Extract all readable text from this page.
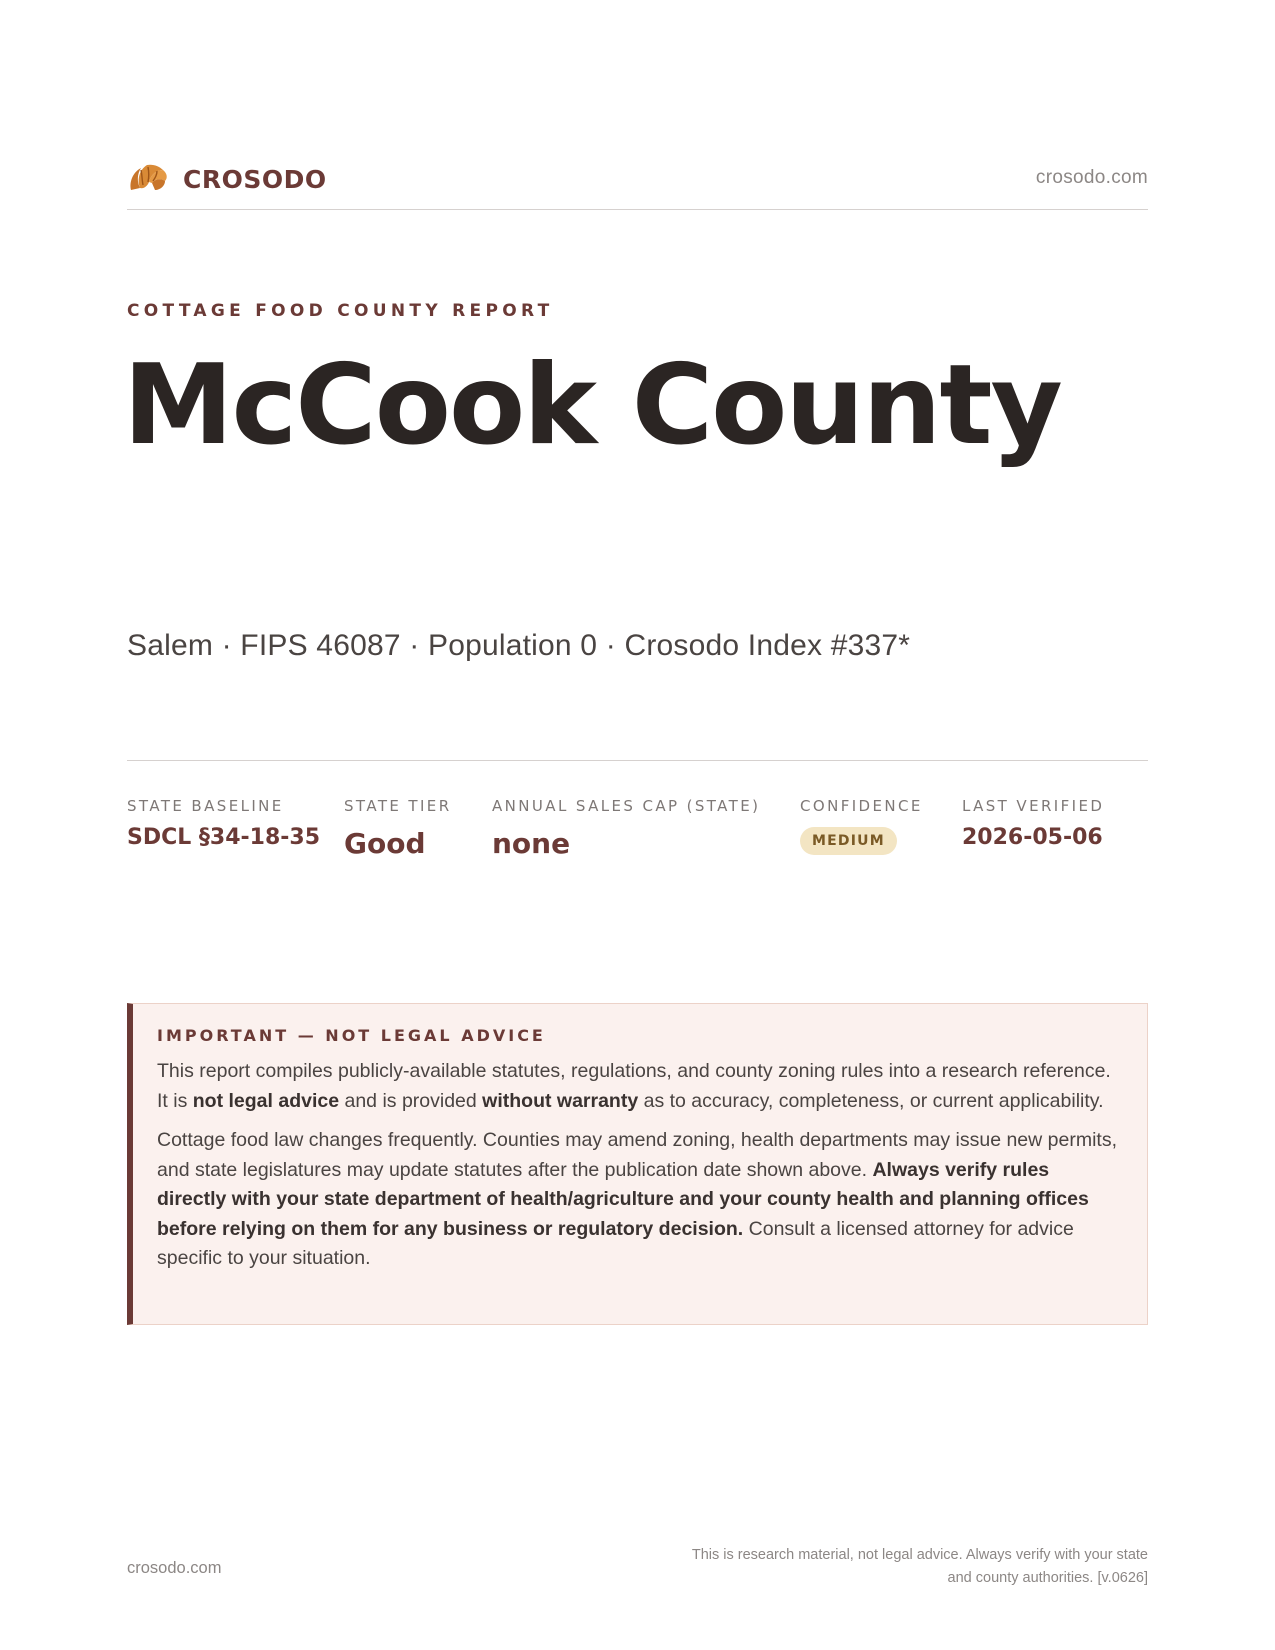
CROSODO	crosodo.com
COTTAGE FOOD COUNTY REPORT
McCook County
Salem · FIPS 46087 · Population 0 · Crosodo Index #337*
STATE BASELINE
SDCL §34-18-35
STATE TIER
Good
ANNUAL SALES CAP (STATE)
none
CONFIDENCE
MEDIUM
LAST VERIFIED
2026-05-06
IMPORTANT — NOT LEGAL ADVICE

This report compiles publicly-available statutes, regulations, and county zoning rules into a research reference. It is not legal advice and is provided without warranty as to accuracy, completeness, or current applicability.

Cottage food law changes frequently. Counties may amend zoning, health departments may issue new permits, and state legislatures may update statutes after the publication date shown above. Always verify rules directly with your state department of health/agriculture and your county health and planning offices before relying on them for any business or regulatory decision. Consult a licensed attorney for advice specific to your situation.

crosodo.com
This is research material, not legal advice. Always verify with your state
and county authorities. [v.0626]
